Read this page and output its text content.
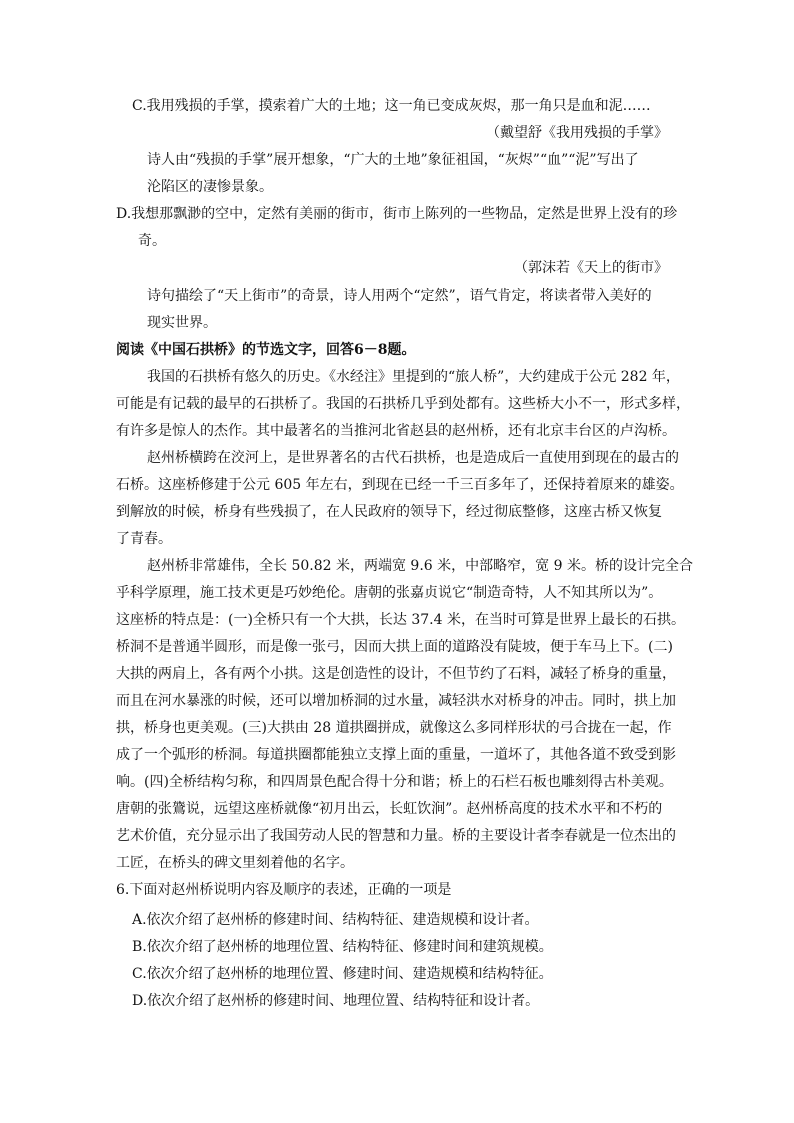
C.我用残损的手掌，摸索着广大的土地；这一角已变成灰烬，那一角只是血和泥……
（戴望舒《我用残损的手掌》
诗人由“残损的手掌”展开想象，“广大的土地”象征祖国，“灰烬”“血”“泥”写出了
沦陷区的凄惨景象。
D.我想那飘渺的空中，定然有美丽的街市，街市上陈列的一些物品，定然是世界上没有的珍
奇。
（郭沫若《天上的街市》
诗句描绘了“天上街市”的奇景，诗人用两个“定然”，语气肯定，将读者带入美好的
现实世界。
阅读《中国石拱桥》的节选文字，回答6－8题。
我国的石拱桥有悠久的历史。《水经注》里提到的“旅人桥”，大约建成于公元 282 年，
可能是有记载的最早的石拱桥了。我国的石拱桥几乎到处都有。这些桥大小不一，形式多样，
有许多是惊人的杰作。其中最著名的当推河北省赵县的赵州桥，还有北京丰台区的卢沟桥。
赵州桥横跨在洨河上，是世界著名的古代石拱桥，也是造成后一直使用到现在的最古的
石桥。这座桥修建于公元 605 年左右，到现在已经一千三百多年了，还保持着原来的雄姿。
到解放的时候，桥身有些残损了，在人民政府的领导下，经过彻底整修，这座古桥又恢复
了青春。
赵州桥非常雄伟，全长 50.82 米，两端宽 9.6 米，中部略窄，宽 9 米。桥的设计完全合
乎科学原理，施工技术更是巧妙绝伦。唐朝的张嘉贞说它“制造奇特，人不知其所以为”。
这座桥的特点是：(一)全桥只有一个大拱，长达 37.4 米，在当时可算是世界上最长的石拱。
桥洞不是普通半圆形，而是像一张弓，因而大拱上面的道路没有陡坡，便于车马上下。(二)
大拱的两肩上，各有两个小拱。这是创造性的设计，不但节约了石料，减轻了桥身的重量，
而且在河水暴涨的时候，还可以增加桥洞的过水量，减轻洪水对桥身的冲击。同时，拱上加
拱，桥身也更美观。(三)大拱由 28 道拱圈拼成，就像这么多同样形状的弓合拢在一起，作
成了一个弧形的桥洞。每道拱圈都能独立支撑上面的重量，一道坏了，其他各道不致受到影
响。(四)全桥结构匀称，和四周景色配合得十分和谐；桥上的石栏石板也雕刻得古朴美观。
唐朝的张鷟说，远望这座桥就像“初月出云，长虹饮涧”。赵州桥高度的技术水平和不朽的
艺术价值，充分显示出了我国劳动人民的智慧和力量。桥的主要设计者李春就是一位杰出的
工匠，在桥头的碑文里刻着他的名字。
6.下面对赵州桥说明内容及顺序的表述，正确的一项是
A.依次介绍了赵州桥的修建时间、结构特征、建造规模和设计者。
B.依次介绍了赵州桥的地理位置、结构特征、修建时间和建筑规模。
C.依次介绍了赵州桥的地理位置、修建时间、建造规模和结构特征。
D.依次介绍了赵州桥的修建时间、地理位置、结构特征和设计者。
